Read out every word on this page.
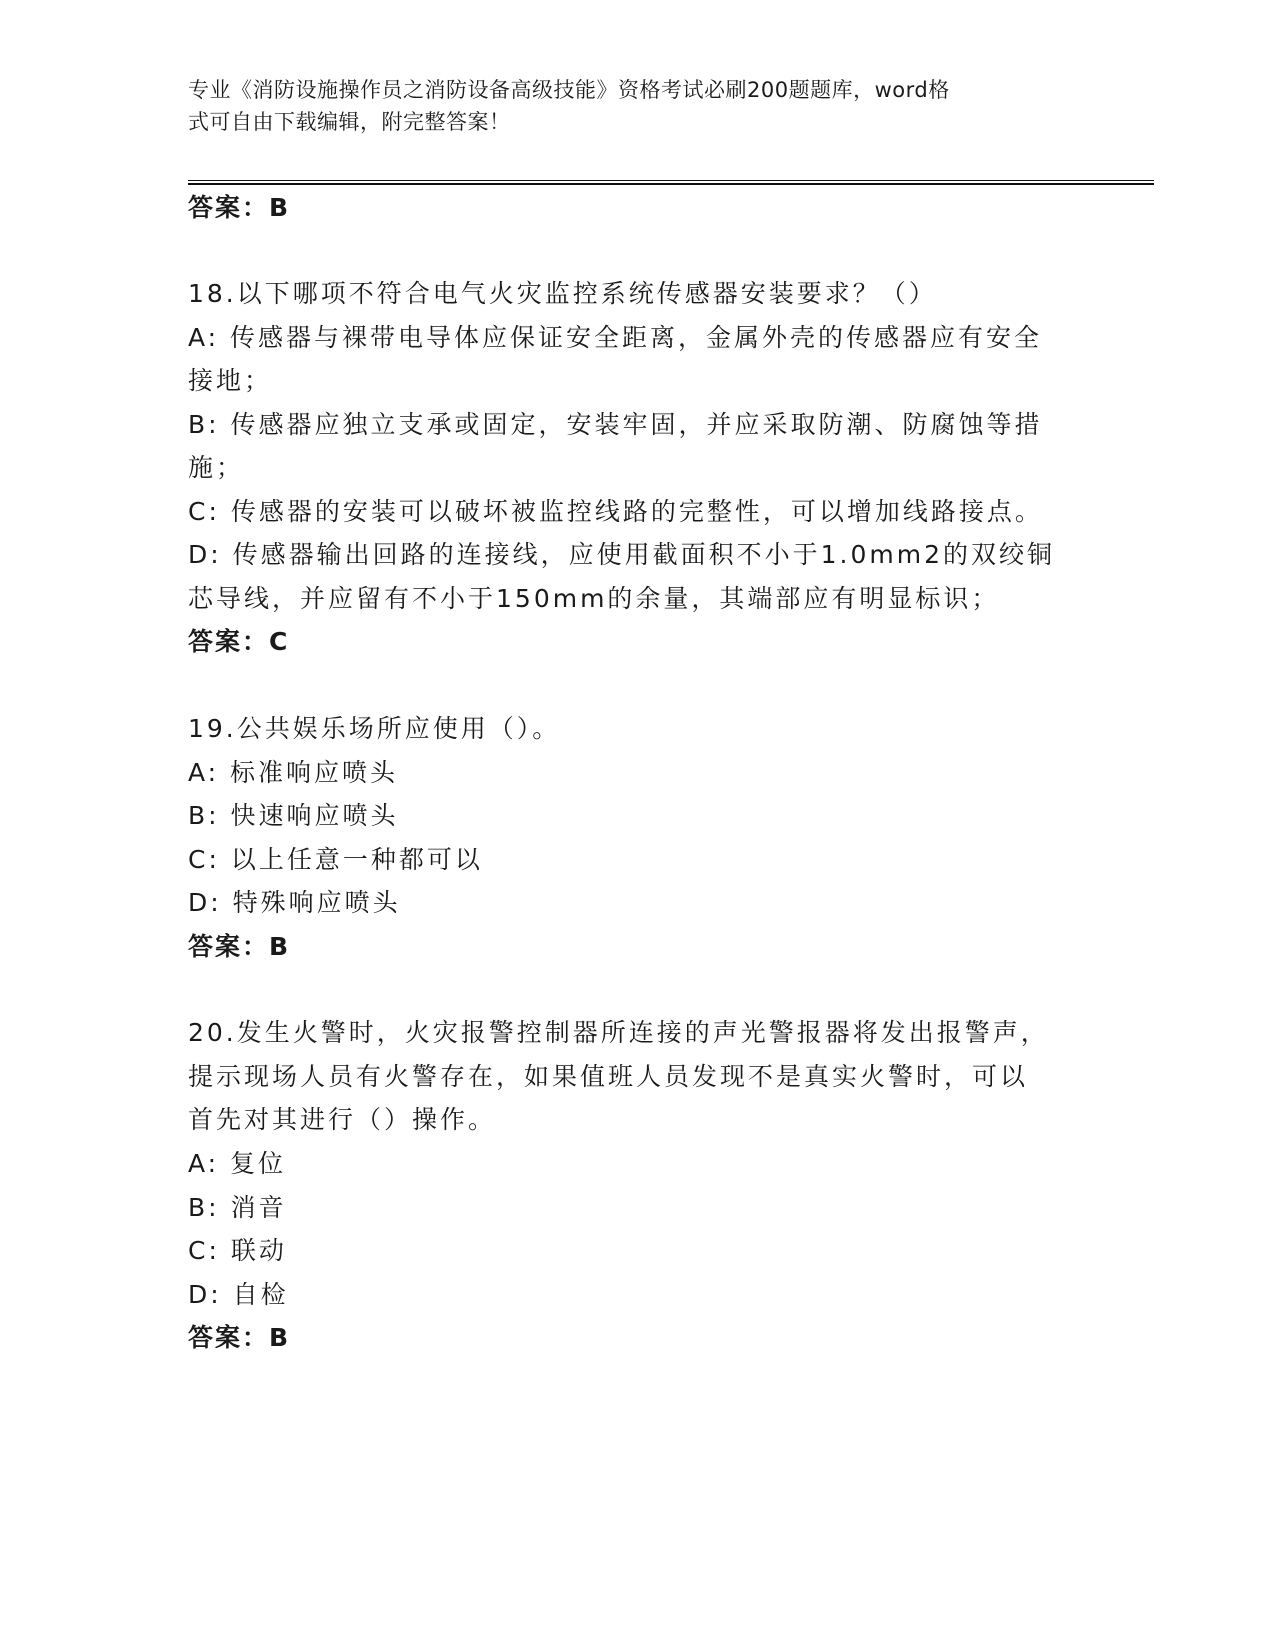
专业《消防设施操作员之消防设备高级技能》资格考试必刷200题题库，word格
式可自由下载编辑，附完整答案！
答案：B
18.以下哪项不符合电气火灾监控系统传感器安装要求？（）
A: 传感器与裸带电导体应保证安全距离，金属外壳的传感器应有安全
接地；
B: 传感器应独立支承或固定，安装牢固，并应采取防潮、防腐蚀等措
施；
C: 传感器的安装可以破坏被监控线路的完整性，可以增加线路接点。
D: 传感器输出回路的连接线，应使用截面积不小于1.0mm2的双绞铜
芯导线，并应留有不小于150mm的余量，其端部应有明显标识；
答案：C
19.公共娱乐场所应使用（）。
A: 标准响应喷头
B: 快速响应喷头
C: 以上任意一种都可以
D: 特殊响应喷头
答案：B
20.发生火警时，火灾报警控制器所连接的声光警报器将发出报警声，
提示现场人员有火警存在，如果值班人员发现不是真实火警时，可以
首先对其进行（）操作。
A: 复位
B: 消音
C: 联动
D: 自检
答案：B
